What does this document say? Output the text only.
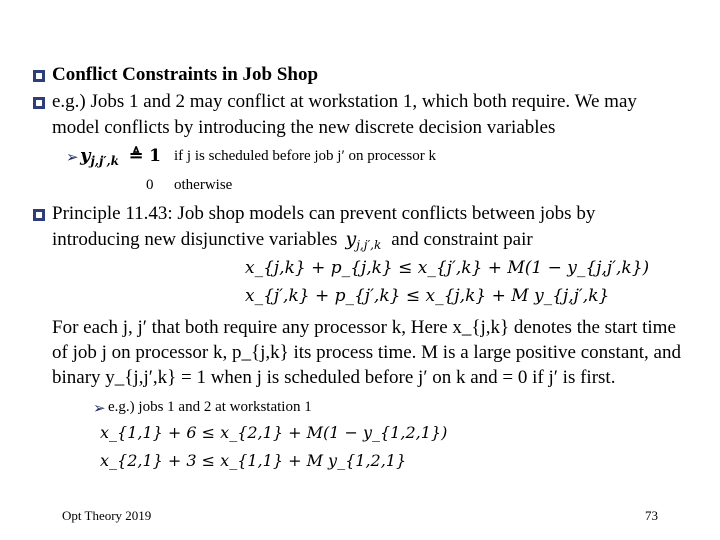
Conflict Constraints in Job Shop
e.g.) Jobs 1 and 2 may conflict at workstation 1, which both require. We may
model conflicts by introducing the new discrete decision variables
➢ $y_{j,j',k}$ ≜ 1 if j is scheduled before job j′ on processor k
0 otherwise
Principle 11.43: Job shop models can prevent conflicts between jobs by
introducing new disjunctive variables $y_{j,j',k}$ and constraint pair
x_{j,k} + p_{j,k} ≤ x_{j′,k} + M(1 − y_{j,j′,k})
x_{j′,k} + p_{j′,k} ≤ x_{j,k} + M y_{j,j′,k}
For each j, j′ that both require any processor k, Here x_{j,k} denotes the start time
of job j on processor k, p_{j,k} its process time. M is a large positive constant, and
binary y_{j,j′,k} = 1 when j is scheduled before j′ on k and = 0 if j′ is first.
➢ e.g.) jobs 1 and 2 at workstation 1
x_{1,1} + 6 ≤ x_{2,1} + M(1 − y_{1,2,1})
x_{2,1} + 3 ≤ x_{1,1} + M y_{1,2,1}
Opt Theory 2019	73
